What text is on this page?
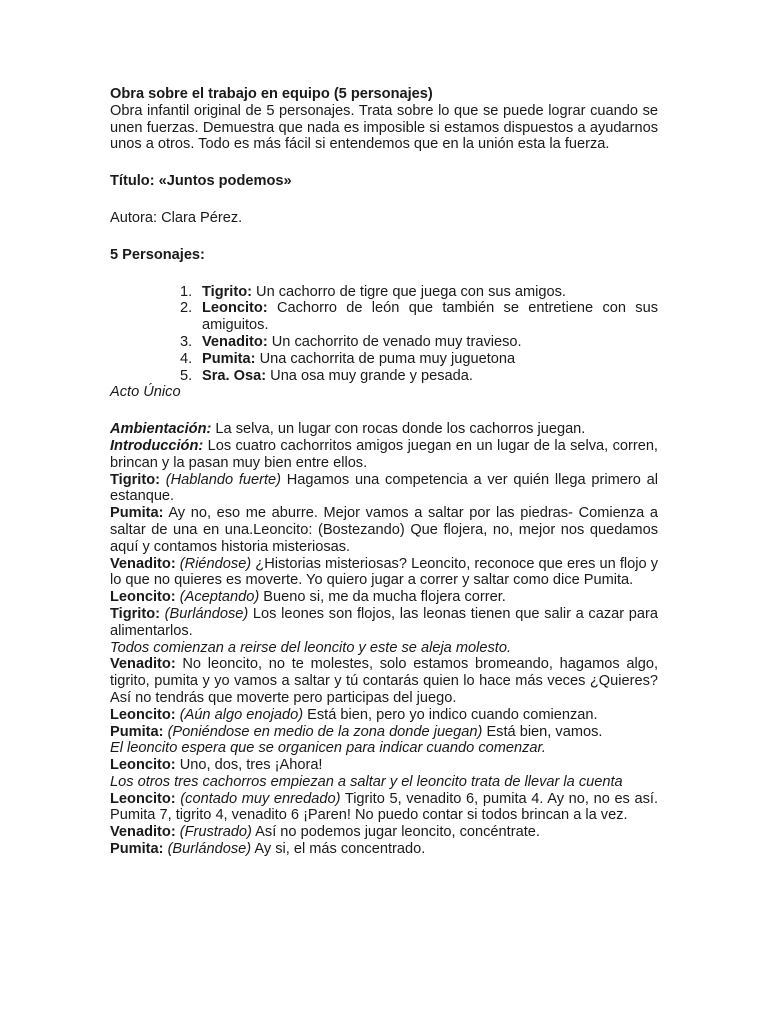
Obra sobre el trabajo en equipo (5 personajes)

Obra infantil original de 5 personajes. Trata sobre lo que se puede lograr cuando se unen fuerzas. Demuestra que nada es imposible si estamos dispuestos a ayudarnos unos a otros. Todo es más fácil si entendemos que en la unión esta la fuerza.

Título: «Juntos podemos»

Autora: Clara Pérez.

5 Personajes:

1. Tigrito: Un cachorro de tigre que juega con sus amigos.
2. Leoncito: Cachorro de león que también se entretiene con sus amiguitos.
3. Venadito: Un cachorrito de venado muy travieso.
4. Pumita: Una cachorrita de puma muy juguetona
5. Sra. Osa: Una osa muy grande y pesada.

Acto Único

Ambientación: La selva, un lugar con rocas donde los cachorros juegan.

Introducción: Los cuatro cachorritos amigos juegan en un lugar de la selva, corren, brincan y la pasan muy bien entre ellos.

Tigrito: (Hablando fuerte) Hagamos una competencia a ver quién llega primero al estanque.

Pumita: Ay no, eso me aburre. Mejor vamos a saltar por las piedras- Comienza a saltar de una en una.Leoncito: (Bostezando) Que flojera, no, mejor nos quedamos aquí y contamos historia misteriosas.

Venadito: (Riéndose) ¿Historias misteriosas? Leoncito, reconoce que eres un flojo y lo que no quieres es moverte. Yo quiero jugar a correr y saltar como dice Pumita.

Leoncito: (Aceptando) Bueno si, me da mucha flojera correr.

Tigrito: (Burlándose) Los leones son flojos, las leonas tienen que salir a cazar para alimentarlos.

Todos comienzan a reirse del leoncito y este se aleja molesto.

Venadito: No leoncito, no te molestes, solo estamos bromeando, hagamos algo, tigrito, pumita y yo vamos a saltar y tú contarás quien lo hace más veces ¿Quieres? Así no tendrás que moverte pero participas del juego.

Leoncito: (Aún algo enojado) Está bien, pero yo indico cuando comienzan.

Pumita: (Poniéndose en medio de la zona donde juegan) Está bien, vamos.

El leoncito espera que se organicen para indicar cuando comenzar.

Leoncito: Uno, dos, tres ¡Ahora!

Los otros tres cachorros empiezan a saltar y el leoncito trata de llevar la cuenta

Leoncito: (contado muy enredado) Tigrito 5, venadito 6, pumita 4. Ay no, no es así. Pumita 7, tigrito 4, venadito 6 ¡Paren! No puedo contar si todos brincan a la vez.

Venadito: (Frustrado) Así no podemos jugar leoncito, concéntrate.

Pumita: (Burlándose) Ay si, el más concentrado.
